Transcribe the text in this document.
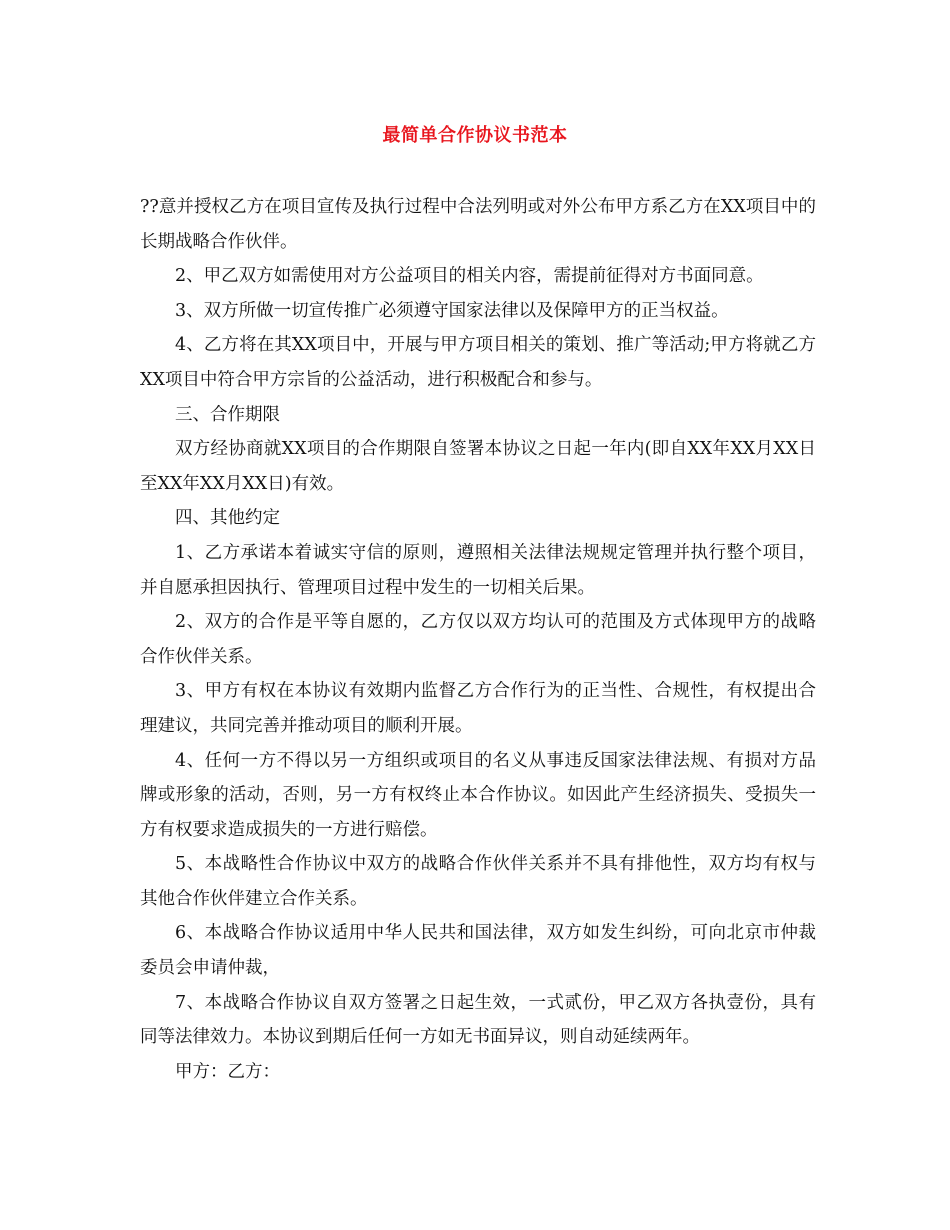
最简单合作协议书范本

??意并授权乙方在项目宣传及执行过程中合法列明或对外公布甲方系乙方在XX项目中的长期战略合作伙伴。

2、甲乙双方如需使用对方公益项目的相关内容，需提前征得对方书面同意。

3、双方所做一切宣传推广必须遵守国家法律以及保障甲方的正当权益。

4、乙方将在其XX项目中，开展与甲方项目相关的策划、推广等活动;甲方将就乙方XX项目中符合甲方宗旨的公益活动，进行积极配合和参与。

三、合作期限

双方经协商就XX项目的合作期限自签署本协议之日起一年内(即自XX年XX月XX日至XX年XX月XX日)有效。

四、其他约定

1、乙方承诺本着诚实守信的原则，遵照相关法律法规规定管理并执行整个项目，并自愿承担因执行、管理项目过程中发生的一切相关后果。

2、双方的合作是平等自愿的，乙方仅以双方均认可的范围及方式体现甲方的战略合作伙伴关系。

3、甲方有权在本协议有效期内监督乙方合作行为的正当性、合规性，有权提出合理建议，共同完善并推动项目的顺利开展。

4、任何一方不得以另一方组织或项目的名义从事违反国家法律法规、有损对方品牌或形象的活动，否则，另一方有权终止本合作协议。如因此产生经济损失、受损失一方有权要求造成损失的一方进行赔偿。

5、本战略性合作协议中双方的战略合作伙伴关系并不具有排他性，双方均有权与其他合作伙伴建立合作关系。

6、本战略合作协议适用中华人民共和国法律，双方如发生纠纷，可向北京市仲裁委员会申请仲裁，

7、本战略合作协议自双方签署之日起生效，一式贰份，甲乙双方各执壹份，具有同等法律效力。本协议到期后任何一方如无书面异议，则自动延续两年。

甲方：乙方：
